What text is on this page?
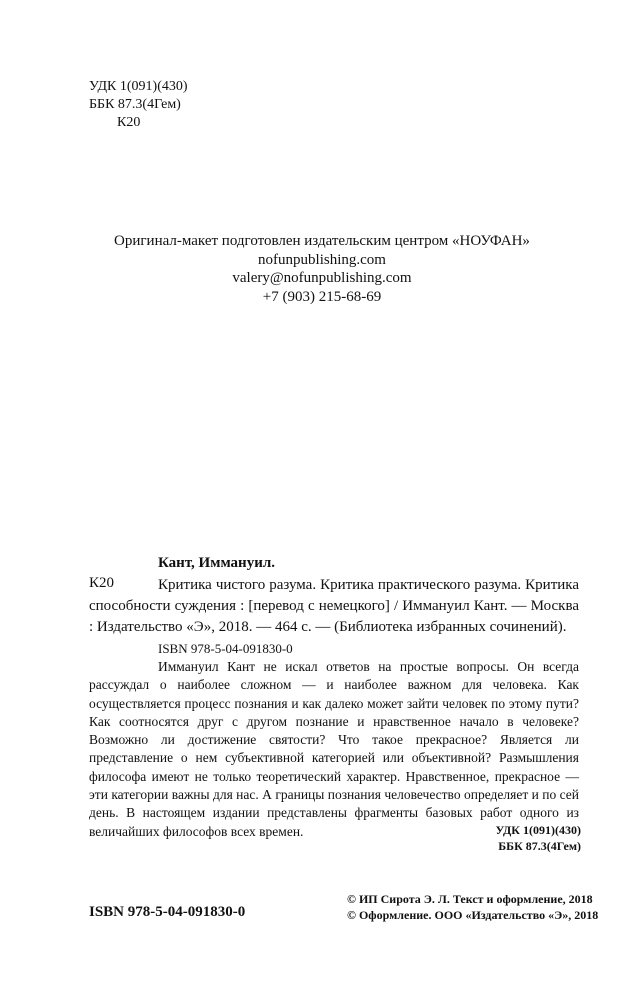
УДК 1(091)(430)
ББК 87.3(4Гем)
К20
Оригинал-макет подготовлен издательским центром «НОУФАН»
nofunpublishing.com
valery@nofunpublishing.com
+7 (903) 215-68-69
Кант, Иммануил.
К20	Критика чистого разума. Критика практического разума. Критика способности суждения : [перевод с немецкого] / Иммануил Кант. — Москва : Издательство «Э», 2018. — 464 с. — (Библиотека избранных сочинений).
ISBN 978-5-04-091830-0
Иммануил Кант не искал ответов на простые вопросы. Он всегда рассуждал о наиболее сложном — и наиболее важном для человека. Как осуществляется процесс познания и как далеко может зайти человек по этому пути? Как соотносятся друг с другом познание и нравственное начало в человеке? Возможно ли достижение святости? Что такое прекрасное? Является ли представление о нем субъективной категорией или объективной? Размышления философа имеют не только теоретический характер. Нравственное, прекрасное — эти категории важны для нас. А границы познания человечество определяет и по сей день. В настоящем издании представлены фрагменты базовых работ одного из величайших философов всех времен.	УДК 1(091)(430)
ББК 87.3(4Гем)
ISBN 978-5-04-091830-0
© ИП Сирота Э. Л. Текст и оформление, 2018
© Оформление. ООО «Издательство «Э», 2018
